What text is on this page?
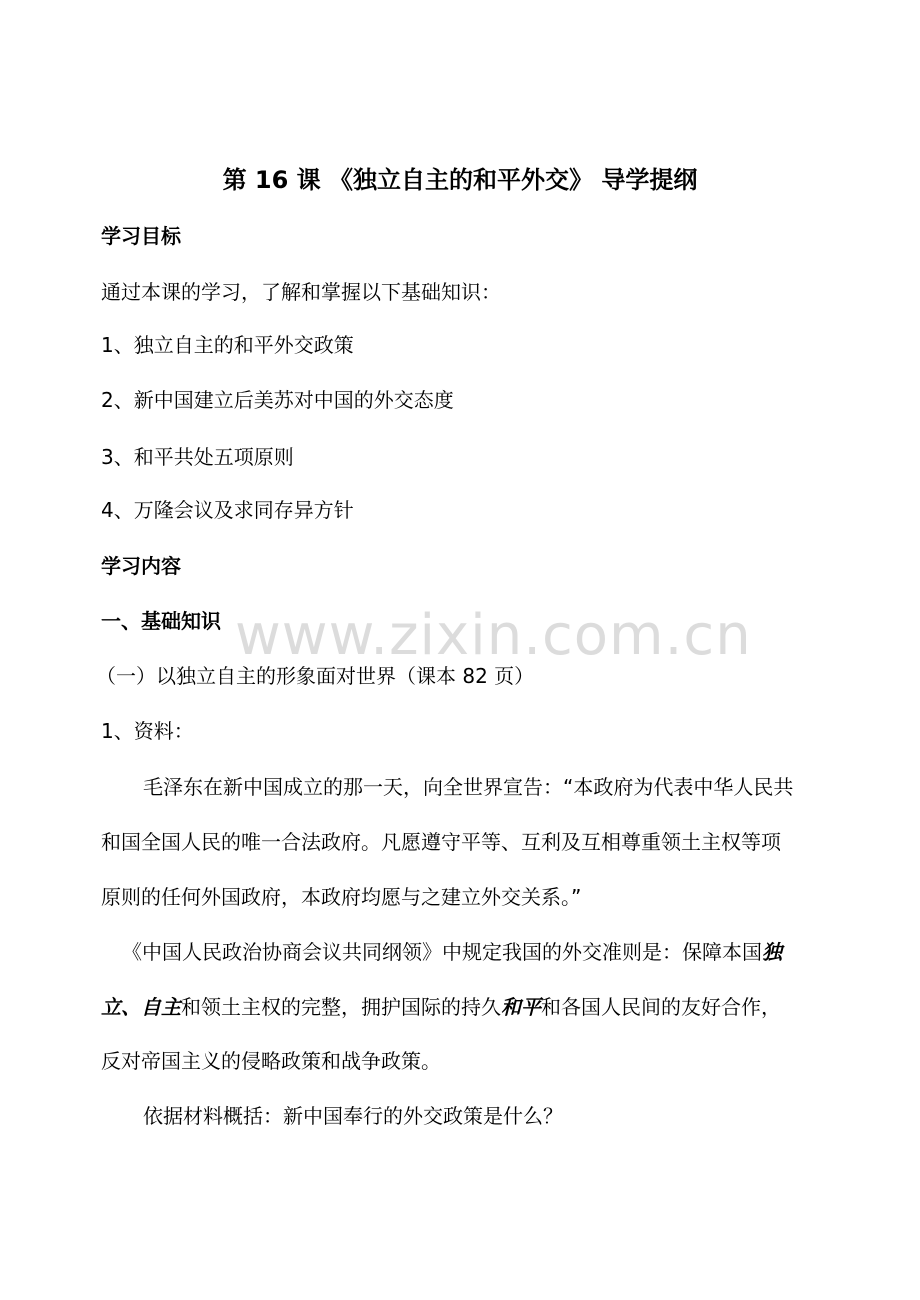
www.zixin.com.cn
第 16 课 《独立自主的和平外交》 导学提纲
学习目标
通过本课的学习，了解和掌握以下基础知识：
1、独立自主的和平外交政策
2、新中国建立后美苏对中国的外交态度
3、和平共处五项原则
4、万隆会议及求同存异方针
学习内容
一、基础知识
（一）以独立自主的形象面对世界（课本 82 页）
1、资料：
毛泽东在新中国成立的那一天，向全世界宣告：“本政府为代表中华人民共
和国全国人民的唯一合法政府。凡愿遵守平等、互利及互相尊重领土主权等项
原则的任何外国政府，本政府均愿与之建立外交关系。”
《中国人民政治协商会议共同纲领》中规定我国的外交准则是：保障本国独
立、自主和领土主权的完整，拥护国际的持久和平和各国人民间的友好合作，
反对帝国主义的侵略政策和战争政策。
依据材料概括：新中国奉行的外交政策是什么？
